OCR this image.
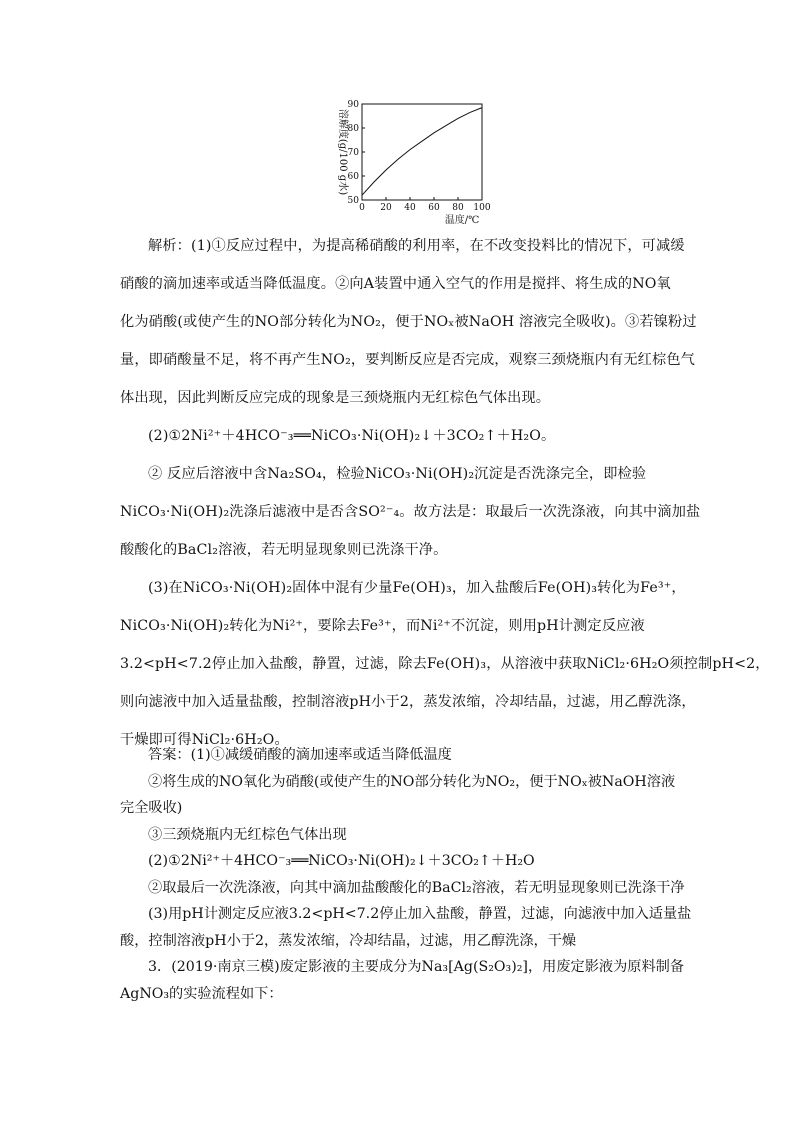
0 20 40 60 80 100
50
60
70
80
90
温度/℃
溶解度(g/100 g水)
解析：(1)①反应过程中，为提高稀硝酸的利用率，在不改变投料比的情况下，可减缓
硝酸的滴加速率或适当降低温度。②向A装置中通入空气的作用是搅拌、将生成的NO氧
化为硝酸(或使产生的NO部分转化为NO₂，便于NOₓ被NaOH 溶液完全吸收)。③若镍粉过
量，即硝酸量不足，将不再产生NO₂，要判断反应是否完成，观察三颈烧瓶内有无红棕色气
体出现，因此判断反应完成的现象是三颈烧瓶内无红棕色气体出现。
(2)①2Ni²⁺＋4HCO⁻₃══NiCO₃·Ni(OH)₂↓＋3CO₂↑＋H₂O。
② 反应后溶液中含Na₂SO₄，检验NiCO₃·Ni(OH)₂沉淀是否洗涤完全，即检验
NiCO₃·Ni(OH)₂洗涤后滤液中是否含SO²⁻₄。故方法是：取最后一次洗涤液，向其中滴加盐
酸酸化的BaCl₂溶液，若无明显现象则已洗涤干净。
(3)在NiCO₃·Ni(OH)₂固体中混有少量Fe(OH)₃，加入盐酸后Fe(OH)₃转化为Fe³⁺，
NiCO₃·Ni(OH)₂转化为Ni²⁺，要除去Fe³⁺，而Ni²⁺不沉淀，则用pH计测定反应液
3.2<pH<7.2停止加入盐酸，静置，过滤，除去Fe(OH)₃，从溶液中获取NiCl₂·6H₂O须控制pH<2，
则向滤液中加入适量盐酸，控制溶液pH小于2，蒸发浓缩，冷却结晶，过滤，用乙醇洗涤，
干燥即可得NiCl₂·6H₂O。
答案：(1)①减缓硝酸的滴加速率或适当降低温度
②将生成的NO氧化为硝酸(或使产生的NO部分转化为NO₂，便于NOₓ被NaOH溶液
完全吸收)
③三颈烧瓶内无红棕色气体出现
(2)①2Ni²⁺＋4HCO⁻₃══NiCO₃·Ni(OH)₂↓＋3CO₂↑＋H₂O
②取最后一次洗涤液，向其中滴加盐酸酸化的BaCl₂溶液，若无明显现象则已洗涤干净
(3)用pH计测定反应液3.2<pH<7.2停止加入盐酸，静置，过滤，向滤液中加入适量盐
酸，控制溶液pH小于2，蒸发浓缩，冷却结晶，过滤，用乙醇洗涤，干燥
3．(2019·南京三模)废定影液的主要成分为Na₃[Ag(S₂O₃)₂]，用废定影液为原料制备
AgNO₃的实验流程如下：
